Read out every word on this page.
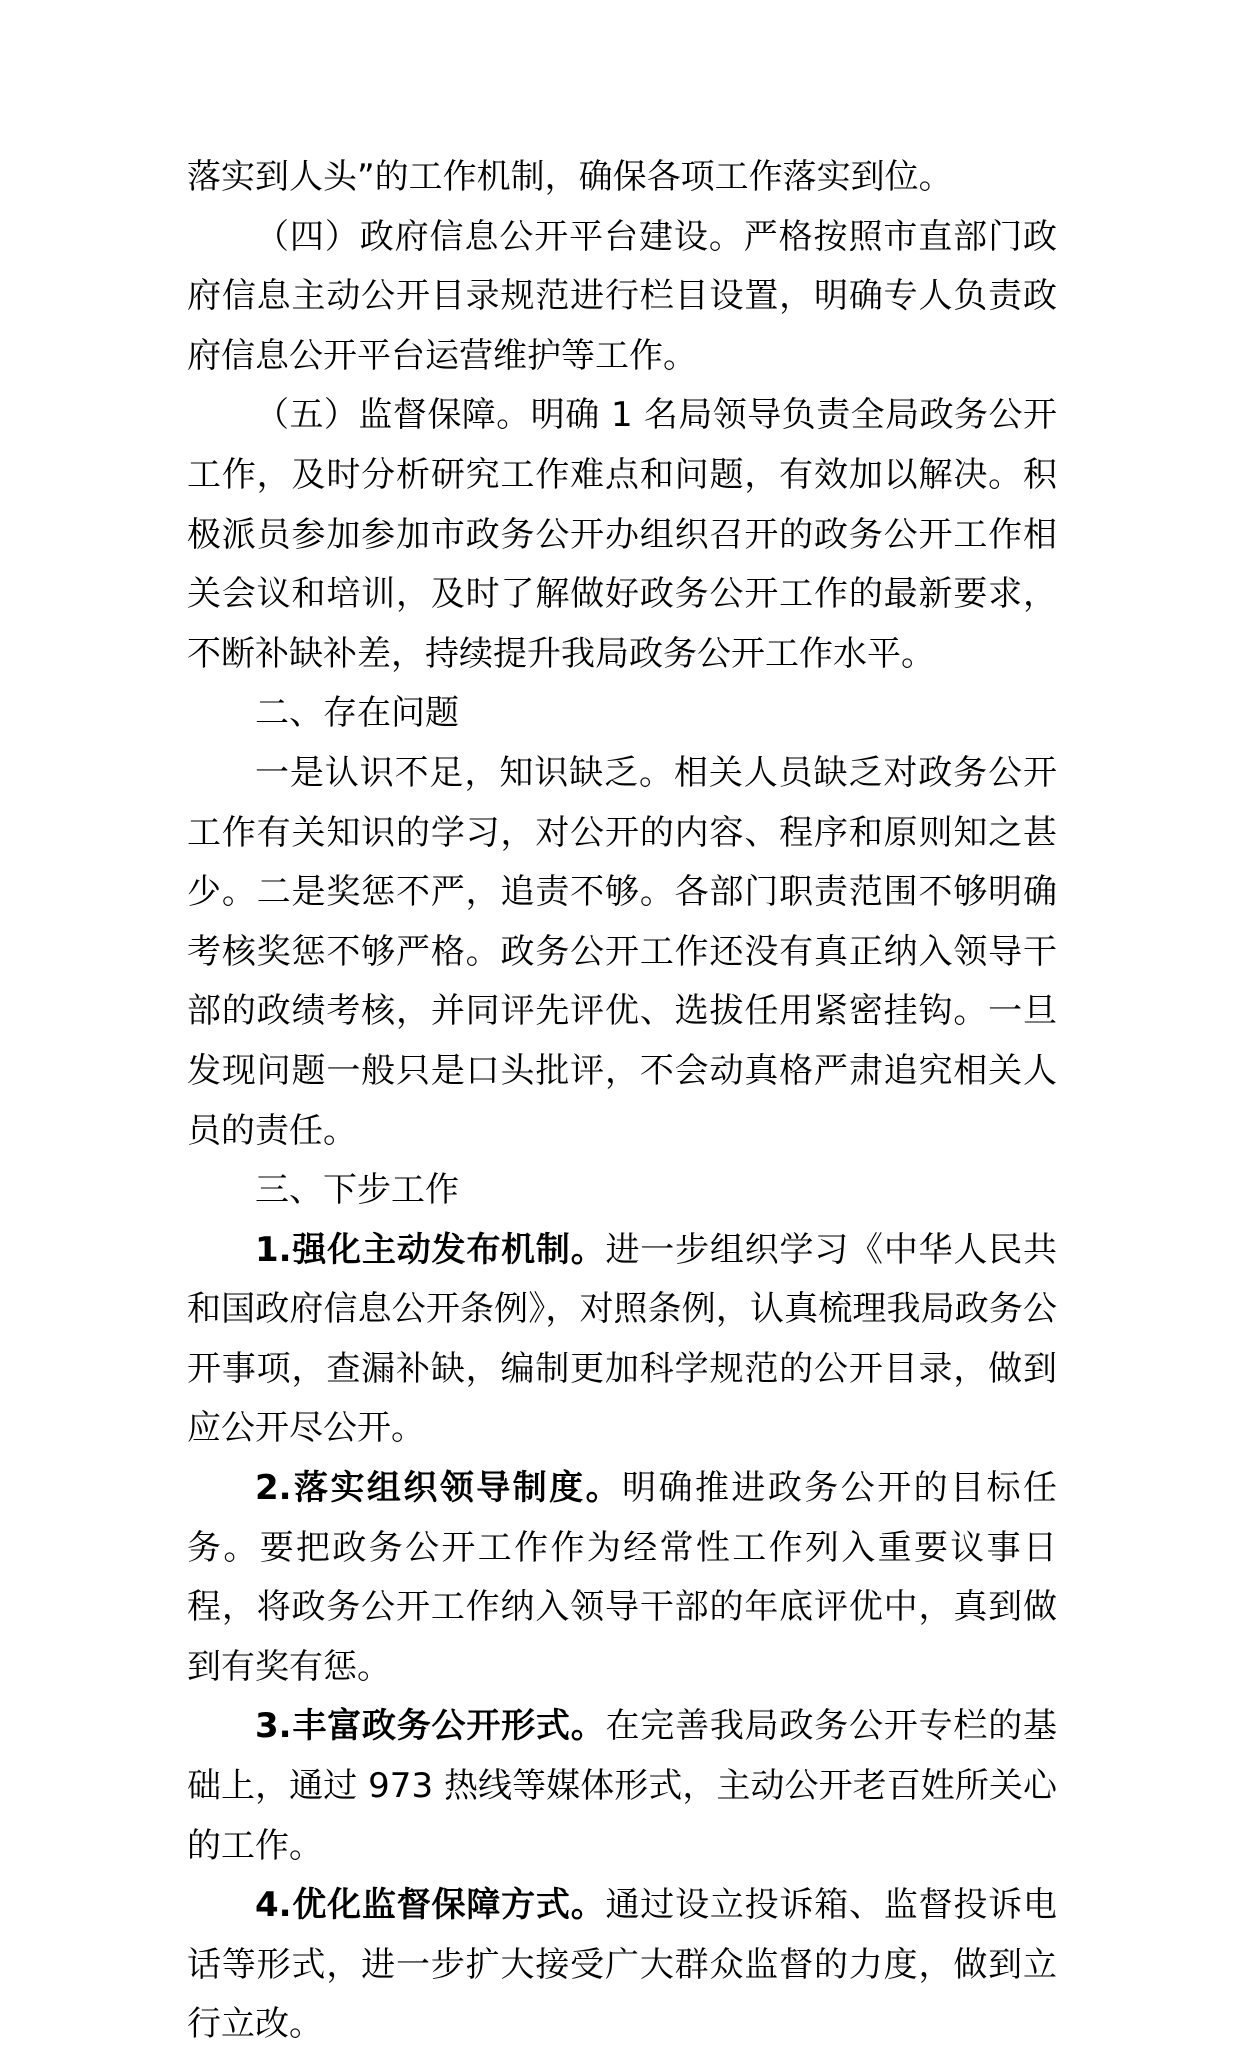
落实到人头”的工作机制，确保各项工作落实到位。

（四）政府信息公开平台建设。严格按照市直部门政府信息主动公开目录规范进行栏目设置，明确专人负责政府信息公开平台运营维护等工作。

（五）监督保障。明确 1 名局领导负责全局政务公开工作，及时分析研究工作难点和问题，有效加以解决。积极派员参加参加市政务公开办组织召开的政务公开工作相关会议和培训，及时了解做好政务公开工作的最新要求，不断补缺补差，持续提升我局政务公开工作水平。

二、存在问题

一是认识不足，知识缺乏。相关人员缺乏对政务公开工作有关知识的学习，对公开的内容、程序和原则知之甚少。二是奖惩不严，追责不够。各部门职责范围不够明确考核奖惩不够严格。政务公开工作还没有真正纳入领导干部的政绩考核，并同评先评优、选拔任用紧密挂钩。一旦发现问题一般只是口头批评，不会动真格严肃追究相关人员的责任。

三、下步工作

1.强化主动发布机制。进一步组织学习《中华人民共和国政府信息公开条例》，对照条例，认真梳理我局政务公开事项，查漏补缺，编制更加科学规范的公开目录，做到应公开尽公开。

2.落实组织领导制度。明确推进政务公开的目标任务。要把政务公开工作作为经常性工作列入重要议事日程，将政务公开工作纳入领导干部的年底评优中，真到做到有奖有惩。

3.丰富政务公开形式。在完善我局政务公开专栏的基础上，通过 973 热线等媒体形式，主动公开老百姓所关心的工作。

4.优化监督保障方式。通过设立投诉箱、监督投诉电话等形式，进一步扩大接受广大群众监督的力度，做到立行立改。
